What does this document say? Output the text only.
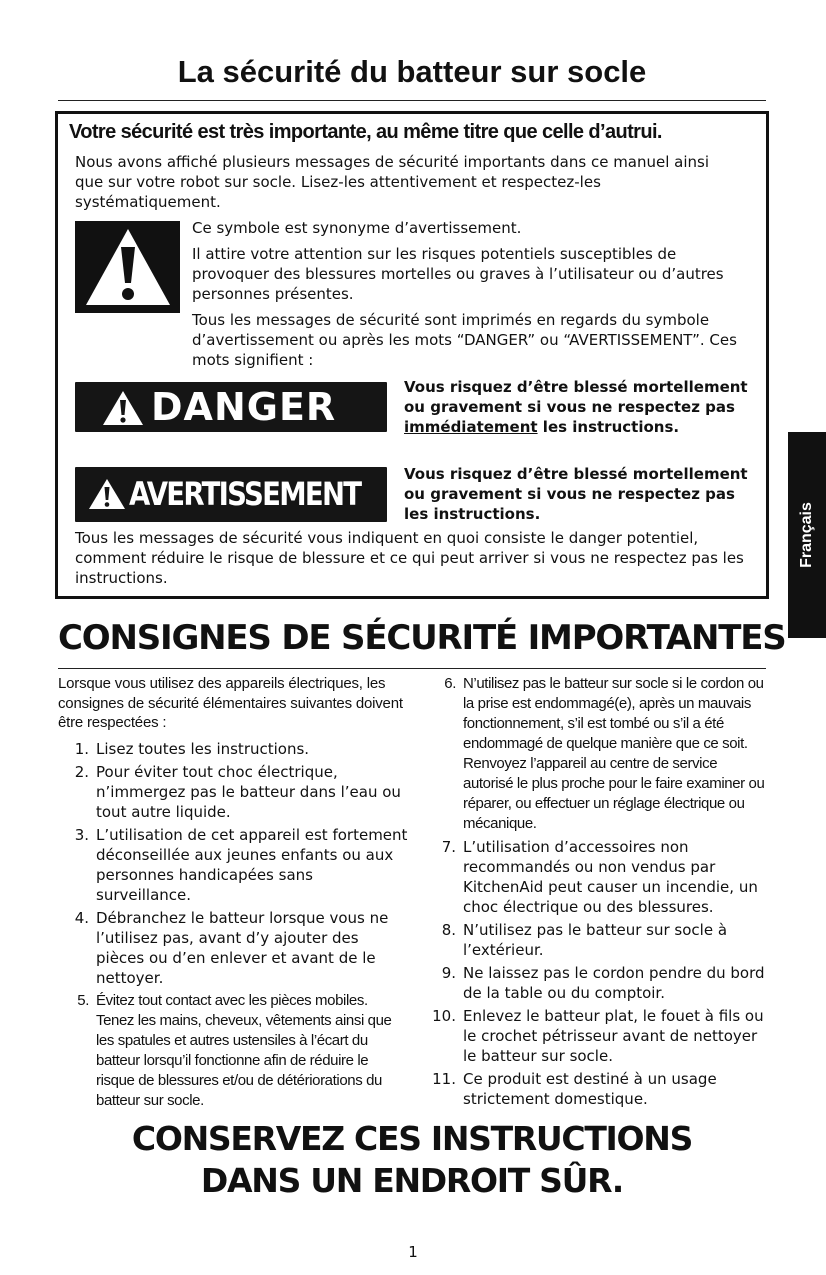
La sécurité du batteur sur socle
Votre sécurité est très importante, au même titre que celle d’autrui.

Nous avons affiché plusieurs messages de sécurité importants dans ce manuel ainsi que sur votre robot sur socle. Lisez-les attentivement et respectez-les systématiquement.

Ce symbole est synonyme d’avertissement.

Il attire votre attention sur les risques potentiels susceptibles de provoquer des blessures mortelles ou graves à l’utilisateur ou d’autres personnes présentes.

Tous les messages de sécurité sont imprimés en regards du symbole d’avertissement ou après les mots “DANGER” ou “AVERTISSEMENT”. Ces mots signifient :

DANGER	Vous risquez d’être blessé mortellement ou gravement si vous ne respectez pas immédiatement les instructions.

AVERTISSEMENT

Vous risquez d’être blessé mortellement ou gravement si vous ne respectez pas les instructions.

Tous les messages de sécurité vous indiquent en quoi consiste le danger potentiel, comment réduire le risque de blessure et ce qui peut arriver si vous ne respectez pas les instructions.

Français
CONSIGNES DE SÉCURITÉ IMPORTANTES

Lorsque vous utilisez des appareils électriques, les consignes de sécurité élémentaires suivantes doivent être respectées :

1. Lisez toutes les instructions.
2. Pour éviter tout choc électrique, n’immergez pas le batteur dans l’eau ou tout autre liquide.
3. L’utilisation de cet appareil est fortement déconseillée aux jeunes enfants ou aux personnes handicapées sans surveillance.
4. Débranchez le batteur lorsque vous ne l’utilisez pas, avant d’y ajouter des pièces ou d’en enlever et avant de le nettoyer.
5. Évitez tout contact avec les pièces mobiles. Tenez les mains, cheveux, vêtements ainsi que les spatules et autres ustensiles à l’écart du batteur lorsqu’il fonctionne afin de réduire le risque de blessures et/ou de détériorations du batteur sur socle.
6. N’utilisez pas le batteur sur socle si le cordon ou la prise est endommagé(e), après un mauvais fonctionnement, s’il est tombé ou s’il a été endommagé de quelque manière que ce soit. Renvoyez l’appareil au centre de service autorisé le plus proche pour le faire examiner ou réparer, ou effectuer un réglage électrique ou mécanique.
7. L’utilisation d’accessoires non recommandés ou non vendus par KitchenAid peut causer un incendie, un choc électrique ou des blessures.
8. N’utilisez pas le batteur sur socle à l’extérieur.
9. Ne laissez pas le cordon pendre du bord de la table ou du comptoir.
10. Enlevez le batteur plat, le fouet à fils ou le crochet pétrisseur avant de nettoyer le batteur sur socle.
11. Ce produit est destiné à un usage strictement domestique.
CONSERVEZ CES INSTRUCTIONS
DANS UN ENDROIT SÛR.

1
